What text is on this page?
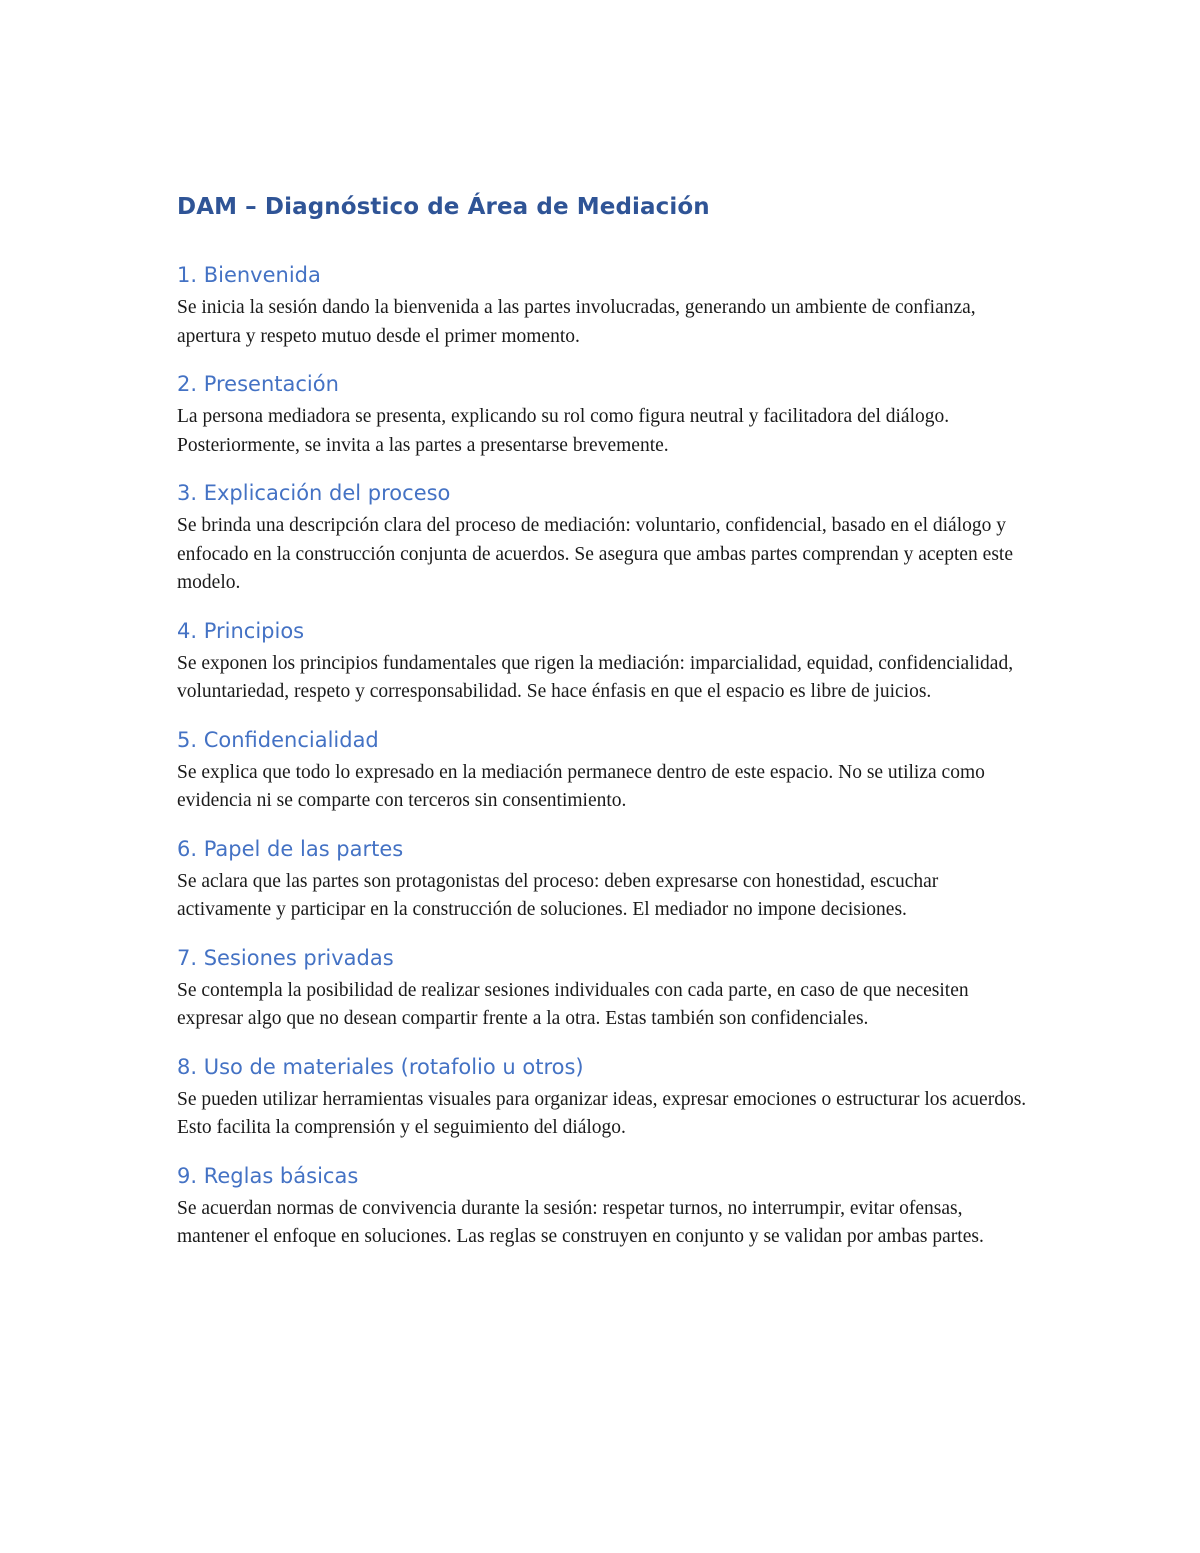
DAM – Diagnóstico de Área de Mediación
1. Bienvenida

Se inicia la sesión dando la bienvenida a las partes involucradas, generando un ambiente de confianza, apertura y respeto mutuo desde el primer momento.

2. Presentación

La persona mediadora se presenta, explicando su rol como figura neutral y facilitadora del diálogo. Posteriormente, se invita a las partes a presentarse brevemente.

3. Explicación del proceso

Se brinda una descripción clara del proceso de mediación: voluntario, confidencial, basado en el diálogo y enfocado en la construcción conjunta de acuerdos. Se asegura que ambas partes comprendan y acepten este modelo.

4. Principios

Se exponen los principios fundamentales que rigen la mediación: imparcialidad, equidad, confidencialidad, voluntariedad, respeto y corresponsabilidad. Se hace énfasis en que el espacio es libre de juicios.

5. Confidencialidad

Se explica que todo lo expresado en la mediación permanece dentro de este espacio. No se utiliza como evidencia ni se comparte con terceros sin consentimiento.

6. Papel de las partes

Se aclara que las partes son protagonistas del proceso: deben expresarse con honestidad, escuchar activamente y participar en la construcción de soluciones. El mediador no impone decisiones.

7. Sesiones privadas

Se contempla la posibilidad de realizar sesiones individuales con cada parte, en caso de que necesiten expresar algo que no desean compartir frente a la otra. Estas también son confidenciales.

8. Uso de materiales (rotafolio u otros)

Se pueden utilizar herramientas visuales para organizar ideas, expresar emociones o estructurar los acuerdos. Esto facilita la comprensión y el seguimiento del diálogo.

9. Reglas básicas

Se acuerdan normas de convivencia durante la sesión: respetar turnos, no interrumpir, evitar ofensas, mantener el enfoque en soluciones. Las reglas se construyen en conjunto y se validan por ambas partes.
